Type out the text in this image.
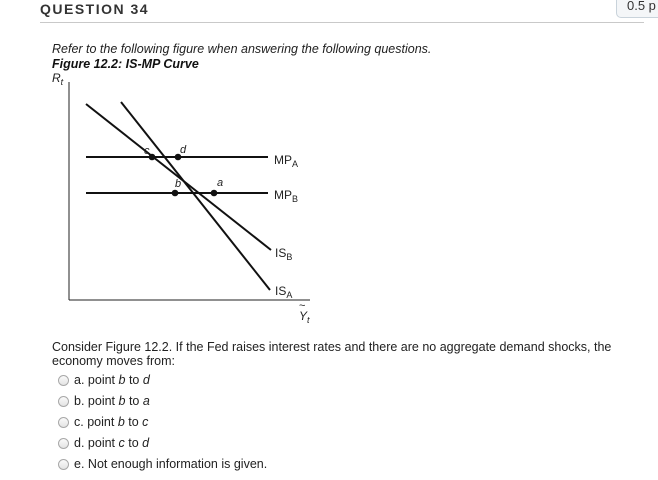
QUESTION 34	0.5 p
Refer to the following figure when answering the following questions.
Figure 12.2: IS-MP Curve
$R_t$
$Y_t$
~
$MP_A$
$MP_B$
$IS_B$
$IS_A$
c	d
b	a
Consider Figure 12.2. If the Fed raises interest rates and there are no aggregate demand shocks, the economy moves from:
a. point b to d
b. point b to a
c. point b to c
d. point c to d
e. Not enough information is given.
